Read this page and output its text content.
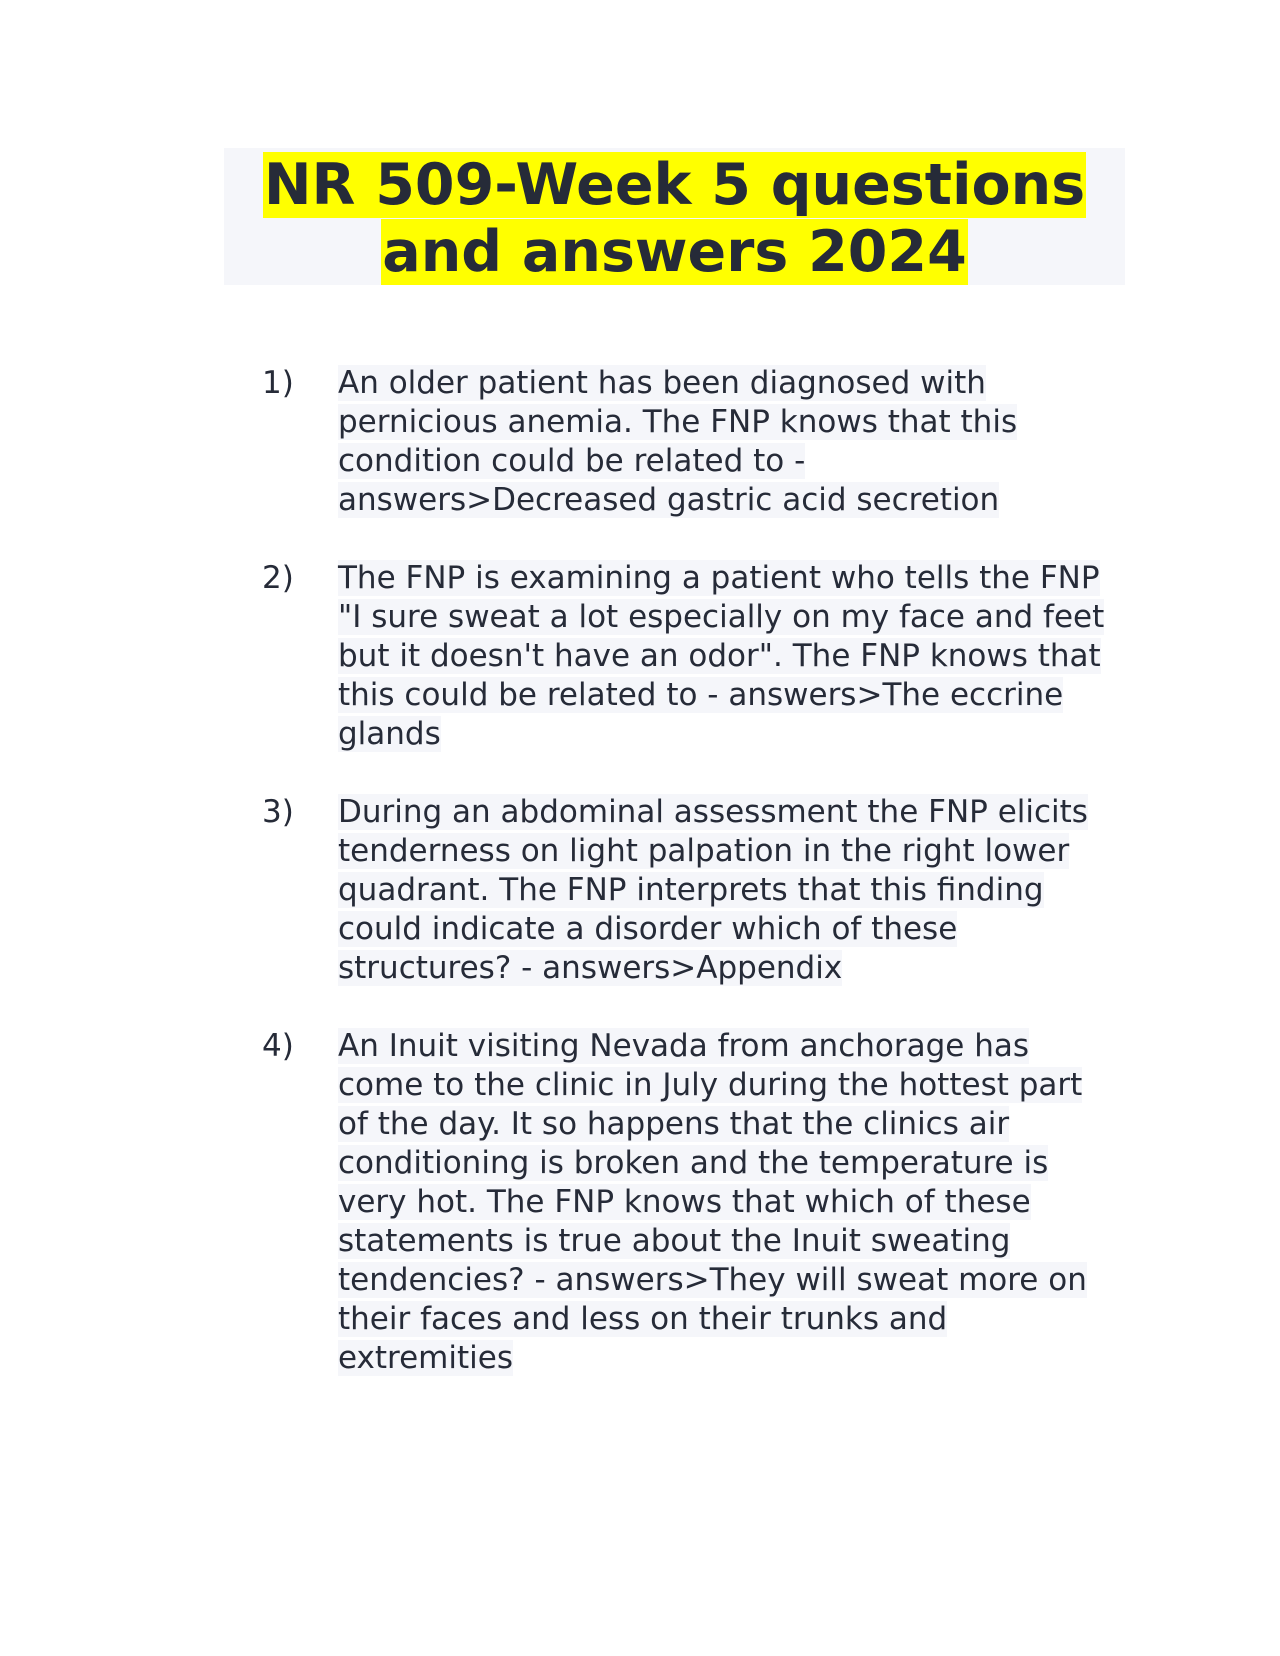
NR 509-Week 5 questions and answers 2024
1)	An older patient has been diagnosed with pernicious anemia. The FNP knows that this condition could be related to - answers>Decreased gastric acid secretion
2)	The FNP is examining a patient who tells the FNP "I sure sweat a lot especially on my face and feet but it doesn't have an odor". The FNP knows that this could be related to - answers>The eccrine glands
3)	During an abdominal assessment the FNP elicits tenderness on light palpation in the right lower quadrant. The FNP interprets that this finding could indicate a disorder which of these structures? - answers>Appendix
4)	An Inuit visiting Nevada from anchorage has come to the clinic in July during the hottest part of the day. It so happens that the clinics air conditioning is broken and the temperature is very hot. The FNP knows that which of these statements is true about the Inuit sweating tendencies? - answers>They will sweat more on their faces and less on their trunks and extremities
